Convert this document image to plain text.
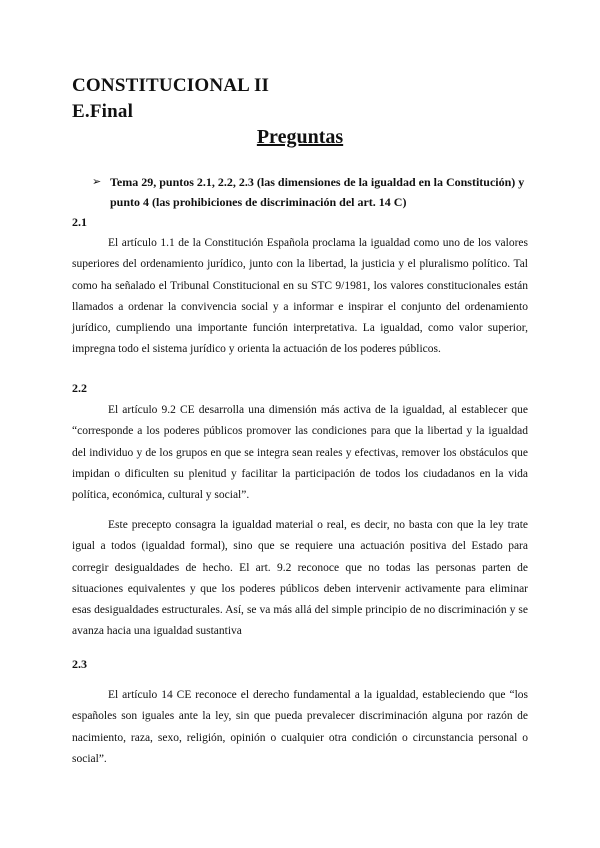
CONSTITUCIONAL II
E.Final
Preguntas
➢ Tema 29, puntos 2.1, 2.2, 2.3 (las dimensiones de la igualdad en la Constitución) y punto 4 (las prohibiciones de discriminación del art. 14 C)
2.1

El artículo 1.1 de la Constitución Española proclama la igualdad como uno de los valores superiores del ordenamiento jurídico, junto con la libertad, la justicia y el pluralismo político. Tal como ha señalado el Tribunal Constitucional en su STC 9/1981, los valores constitucionales están llamados a ordenar la convivencia social y a informar e inspirar el conjunto del ordenamiento jurídico, cumpliendo una importante función interpretativa. La igualdad, como valor superior, impregna todo el sistema jurídico y orienta la actuación de los poderes públicos.

2.2

El artículo 9.2 CE desarrolla una dimensión más activa de la igualdad, al establecer que “corresponde a los poderes públicos promover las condiciones para que la libertad y la igualdad del individuo y de los grupos en que se integra sean reales y efectivas, remover los obstáculos que impidan o dificulten su plenitud y facilitar la participación de todos los ciudadanos en la vida política, económica, cultural y social”.

Este precepto consagra la igualdad material o real, es decir, no basta con que la ley trate igual a todos (igualdad formal), sino que se requiere una actuación positiva del Estado para corregir desigualdades de hecho. El art. 9.2 reconoce que no todas las personas parten de situaciones equivalentes y que los poderes públicos deben intervenir activamente para eliminar esas desigualdades estructurales. Así, se va más allá del simple principio de no discriminación y se avanza hacia una igualdad sustantiva

2.3

El artículo 14 CE reconoce el derecho fundamental a la igualdad, estableciendo que “los españoles son iguales ante la ley, sin que pueda prevalecer discriminación alguna por razón de nacimiento, raza, sexo, religión, opinión o cualquier otra condición o circunstancia personal o social”.
